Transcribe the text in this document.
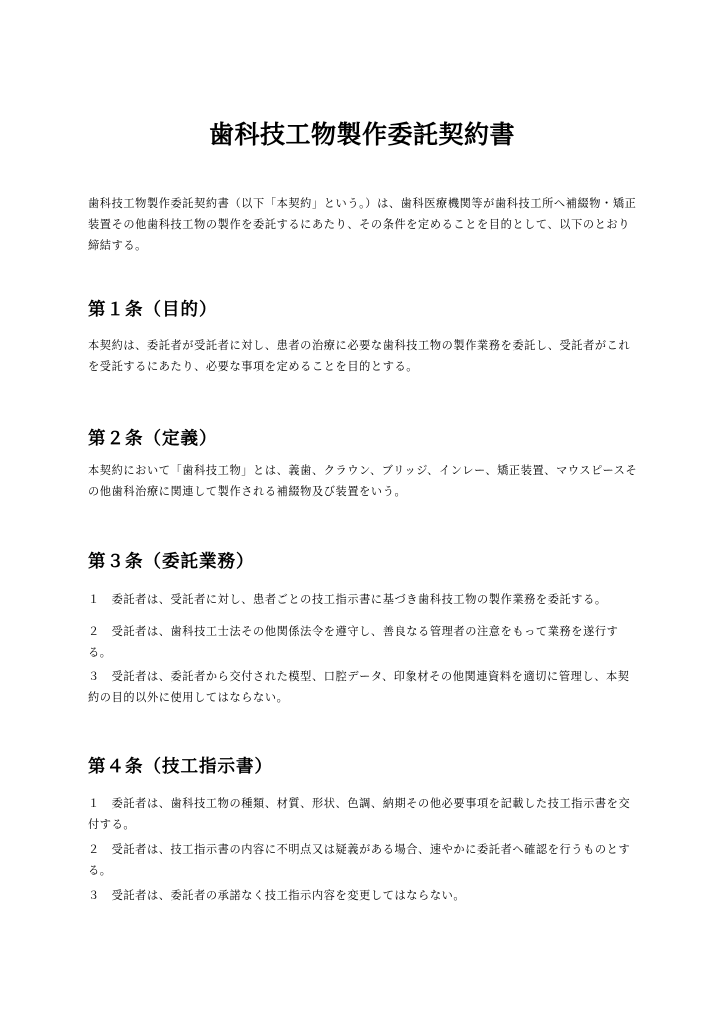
歯科技工物製作委託契約書

歯科技工物製作委託契約書（以下「本契約」という。）は、歯科医療機関等が歯科技工所へ補綴物・矯正装置その他歯科技工物の製作を委託するにあたり、その条件を定めることを目的として、以下のとおり締結する。

第１条（目的）

本契約は、委託者が受託者に対し、患者の治療に必要な歯科技工物の製作業務を委託し、受託者がこれを受託するにあたり、必要な事項を定めることを目的とする。

第２条（定義）

本契約において「歯科技工物」とは、義歯、クラウン、ブリッジ、インレー、矯正装置、マウスピースその他歯科治療に関連して製作される補綴物及び装置をいう。

第３条（委託業務）

１　委託者は、受託者に対し、患者ごとの技工指示書に基づき歯科技工物の製作業務を委託する。

２　受託者は、歯科技工士法その他関係法令を遵守し、善良なる管理者の注意をもって業務を遂行する。

３　受託者は、委託者から交付された模型、口腔データ、印象材その他関連資料を適切に管理し、本契約の目的以外に使用してはならない。

第４条（技工指示書）

１　委託者は、歯科技工物の種類、材質、形状、色調、納期その他必要事項を記載した技工指示書を交付する。

２　受託者は、技工指示書の内容に不明点又は疑義がある場合、速やかに委託者へ確認を行うものとする。

３　受託者は、委託者の承諾なく技工指示内容を変更してはならない。
